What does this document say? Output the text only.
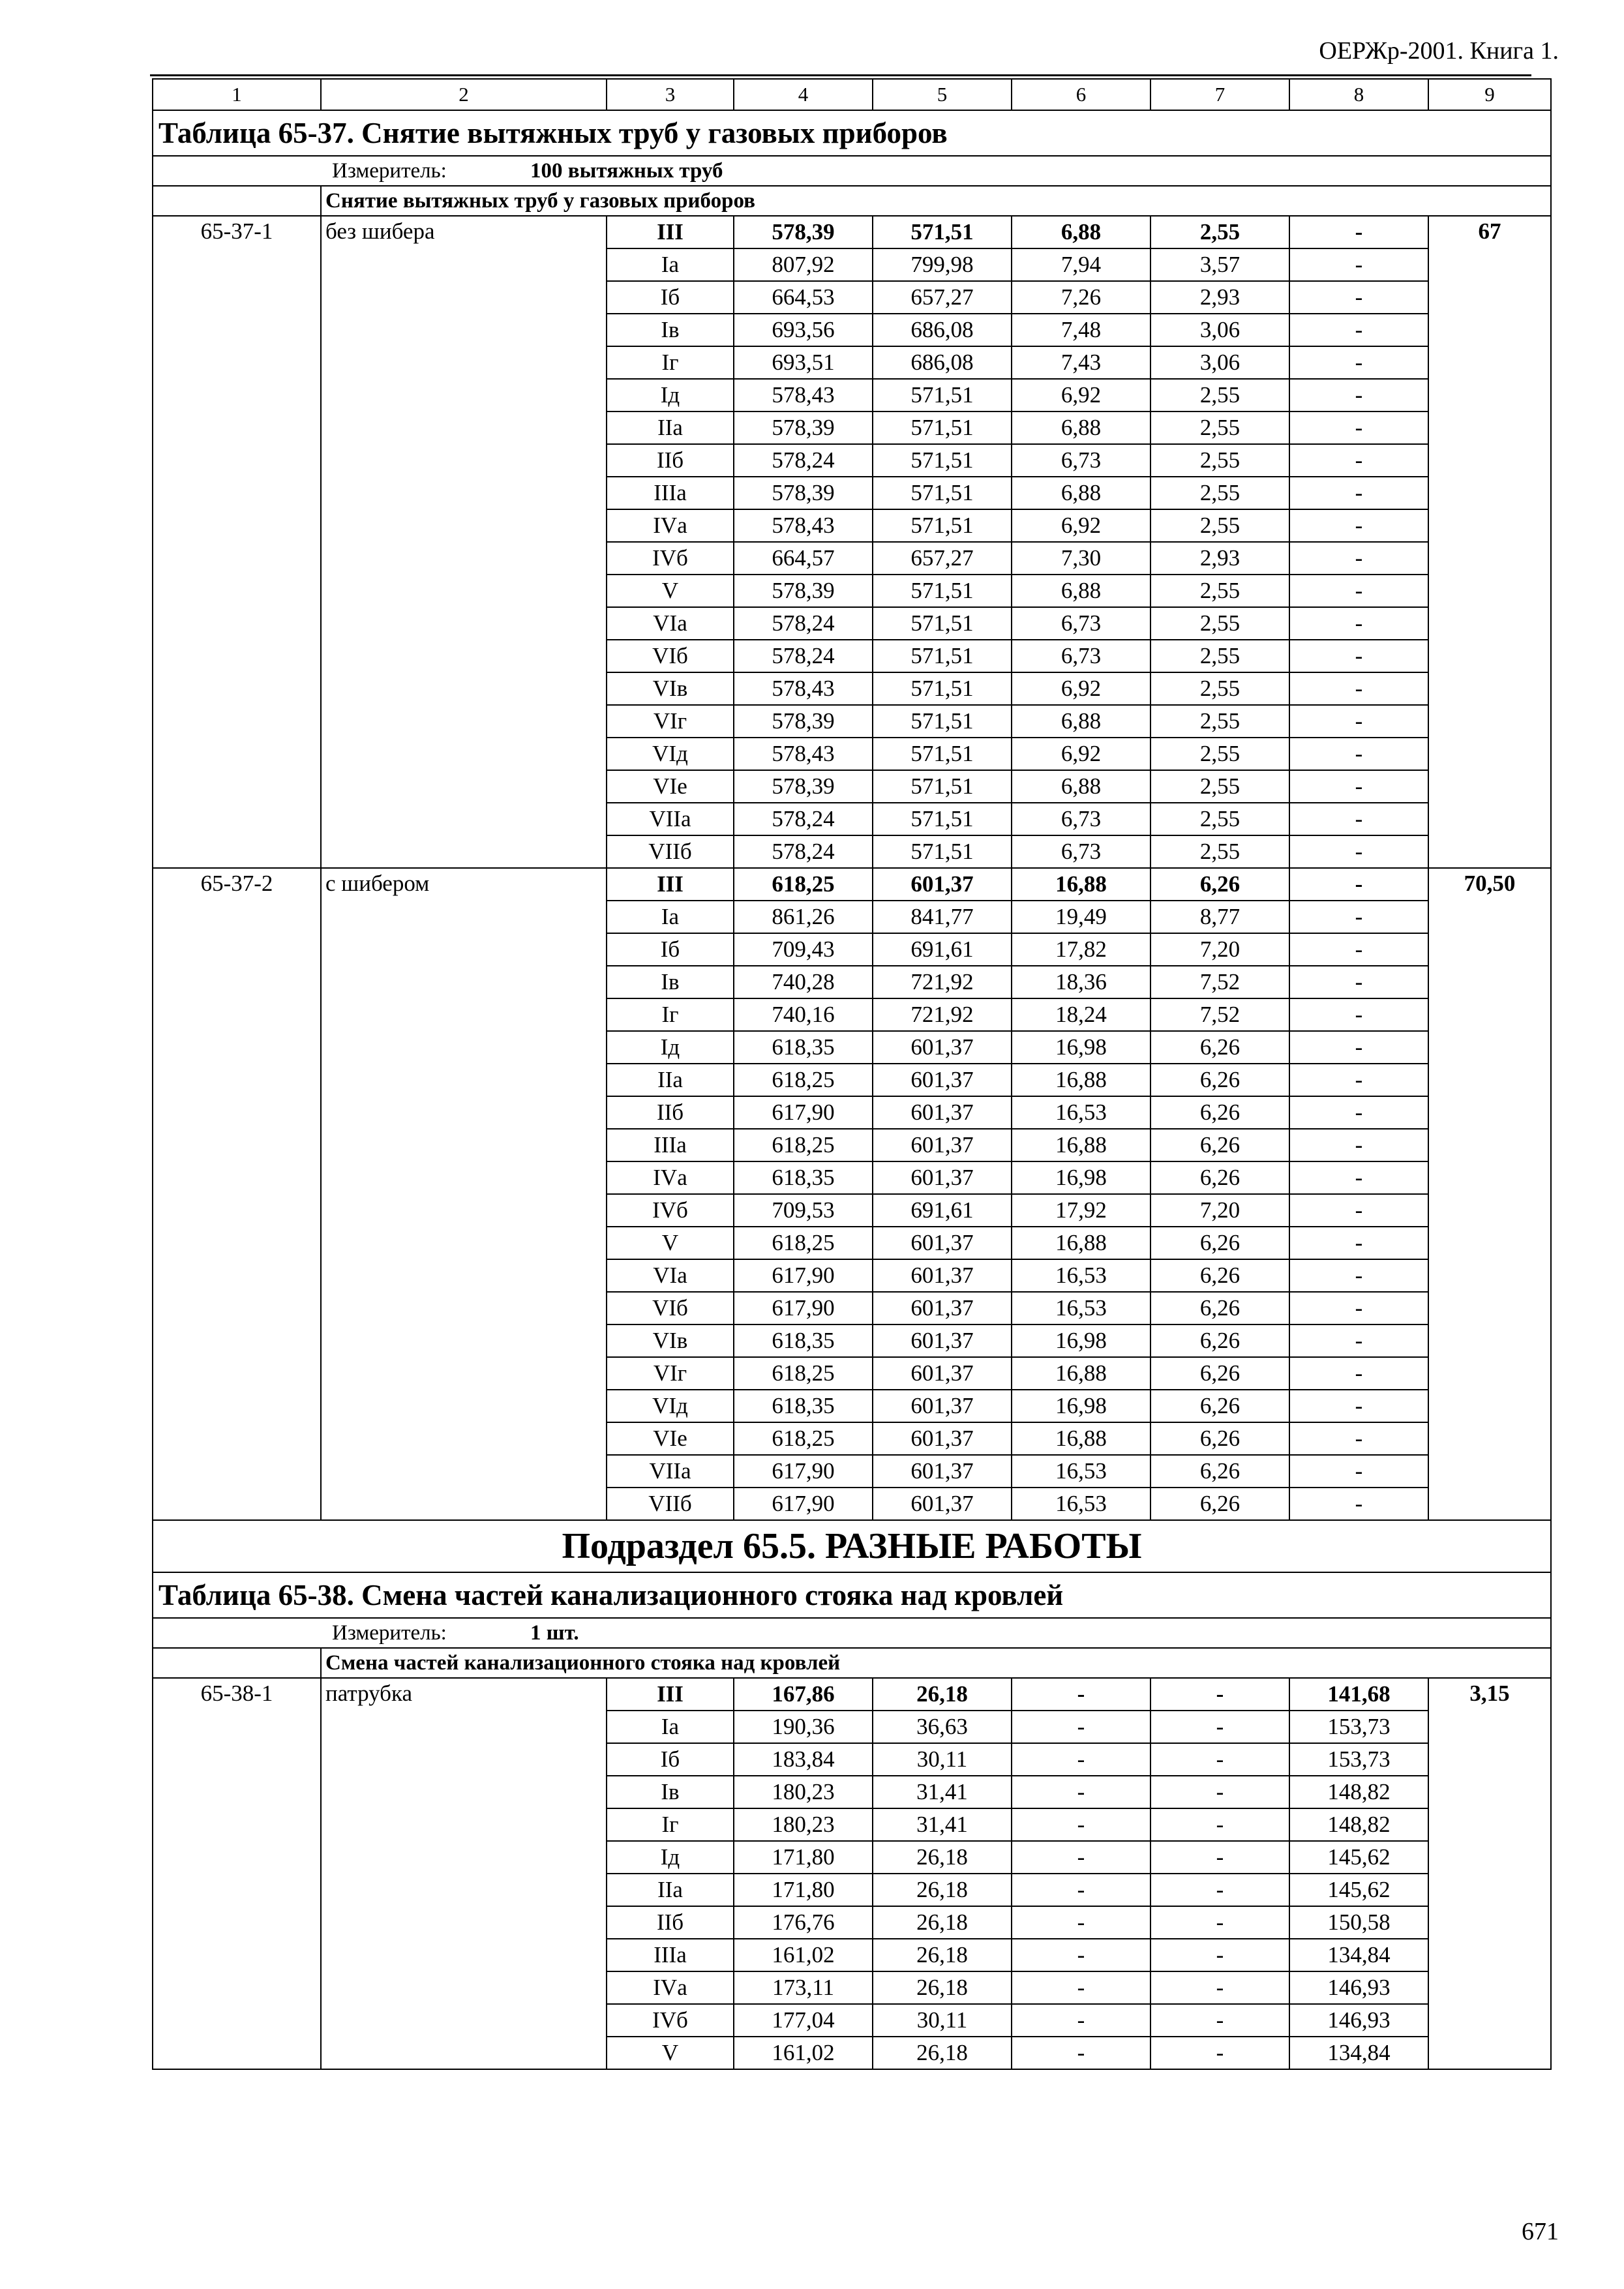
ОЕРЖр-2001. Книга 1.
1	2	3	4	5	6	7	8	9
Таблица 65-37. Снятие вытяжных труб у газовых приборов								
Измеритель: 100 вытяжных труб								
	Снятие вытяжных труб у газовых приборов							
65-37-1	без шибера	III	578,39	571,51	6,88	2,55	-	67
		Iа	807,92	799,98	7,94	3,57	-	
		Iб	664,53	657,27	7,26	2,93	-	
		Iв	693,56	686,08	7,48	3,06	-	
		Iг	693,51	686,08	7,43	3,06	-	
		Iд	578,43	571,51	6,92	2,55	-	
		IIа	578,39	571,51	6,88	2,55	-	
		IIб	578,24	571,51	6,73	2,55	-	
		IIIа	578,39	571,51	6,88	2,55	-	
		IVа	578,43	571,51	6,92	2,55	-	
		IVб	664,57	657,27	7,30	2,93	-	
		V	578,39	571,51	6,88	2,55	-	
		VIа	578,24	571,51	6,73	2,55	-	
		VIб	578,24	571,51	6,73	2,55	-	
		VIв	578,43	571,51	6,92	2,55	-	
		VIг	578,39	571,51	6,88	2,55	-	
		VIд	578,43	571,51	6,92	2,55	-	
		VIе	578,39	571,51	6,88	2,55	-	
		VIIа	578,24	571,51	6,73	2,55	-	
		VIIб	578,24	571,51	6,73	2,55	-	
65-37-2	с шибером	III	618,25	601,37	16,88	6,26	-	70,50
		Iа	861,26	841,77	19,49	8,77	-	
		Iб	709,43	691,61	17,82	7,20	-	
		Iв	740,28	721,92	18,36	7,52	-	
		Iг	740,16	721,92	18,24	7,52	-	
		Iд	618,35	601,37	16,98	6,26	-	
		IIа	618,25	601,37	16,88	6,26	-	
		IIб	617,90	601,37	16,53	6,26	-	
		IIIа	618,25	601,37	16,88	6,26	-	
		IVа	618,35	601,37	16,98	6,26	-	
		IVб	709,53	691,61	17,92	7,20	-	
		V	618,25	601,37	16,88	6,26	-	
		VIа	617,90	601,37	16,53	6,26	-	
		VIб	617,90	601,37	16,53	6,26	-	
		VIв	618,35	601,37	16,98	6,26	-	
		VIг	618,25	601,37	16,88	6,26	-	
		VIд	618,35	601,37	16,98	6,26	-	
		VIе	618,25	601,37	16,88	6,26	-	
		VIIа	617,90	601,37	16,53	6,26	-	
		VIIб	617,90	601,37	16,53	6,26	-	
Подраздел 65.5. РАЗНЫЕ РАБОТЫ								
Таблица 65-38. Смена частей канализационного стояка над кровлей								
Измеритель: 1 шт.								
	Смена частей канализационного стояка над кровлей							
65-38-1	патрубка	III	167,86	26,18	-	-	141,68	3,15
		Iа	190,36	36,63	-	-	153,73	
		Iб	183,84	30,11	-	-	153,73	
		Iв	180,23	31,41	-	-	148,82	
		Iг	180,23	31,41	-	-	148,82	
		Iд	171,80	26,18	-	-	145,62	
		IIа	171,80	26,18	-	-	145,62	
		IIб	176,76	26,18	-	-	150,58	
		IIIа	161,02	26,18	-	-	134,84	
		IVа	173,11	26,18	-	-	146,93	
		IVб	177,04	30,11	-	-	146,93	
		V	161,02	26,18	-	-	134,84	
671
